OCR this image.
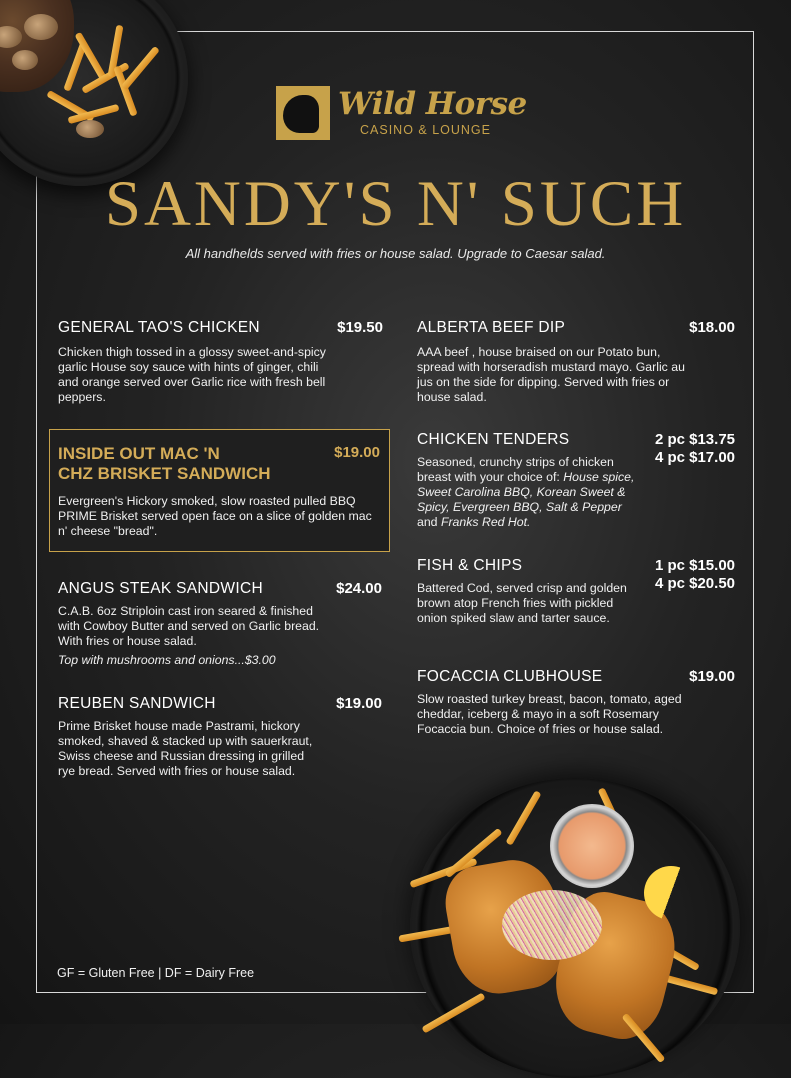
Wild Horse
CASINO & LOUNGE
SANDY'S N' SUCH
All handhelds served with fries or house salad. Upgrade to Caesar salad.
GENERAL TAO'S CHICKEN	$19.50
Chicken thigh tossed in a glossy sweet-and-spicy garlic House soy sauce with hints of ginger, chili and orange served over Garlic rice with fresh bell peppers.
INSIDE OUT MAC 'N
CHZ BRISKET SANDWICH
$19.00
Evergreen's Hickory smoked, slow roasted pulled BBQ PRIME Brisket served open face on a slice of golden mac n' cheese "bread".
ANGUS STEAK SANDWICH	$24.00
C.A.B. 6oz Striploin cast iron seared & finished with Cowboy Butter and served on Garlic bread. With fries or house salad.
Top with mushrooms and onions...$3.00
REUBEN SANDWICH	$19.00
Prime Brisket house made Pastrami, hickory smoked, shaved & stacked up with sauerkraut, Swiss cheese and Russian dressing in grilled rye bread. Served with fries or house salad.
ALBERTA BEEF DIP	$18.00
AAA beef , house braised on our Potato bun, spread with horseradish mustard mayo. Garlic au jus on the side for dipping. Served with fries or house salad.
CHICKEN TENDERS	2 pc $13.75
4 pc $17.00
Seasoned, crunchy strips of chicken breast with your choice of: House spice, Sweet Carolina BBQ, Korean Sweet & Spicy, Evergreen BBQ, Salt & Pepper and Franks Red Hot.
FISH & CHIPS	1 pc $15.00
4 pc $20.50
Battered Cod, served crisp and golden brown atop French fries with pickled onion spiked slaw and tarter sauce.
FOCACCIA CLUBHOUSE	$19.00
Slow roasted turkey breast, bacon, tomato, aged cheddar, iceberg & mayo in a soft Rosemary Focaccia bun. Choice of fries or house salad.
GF = Gluten Free | DF = Dairy Free
